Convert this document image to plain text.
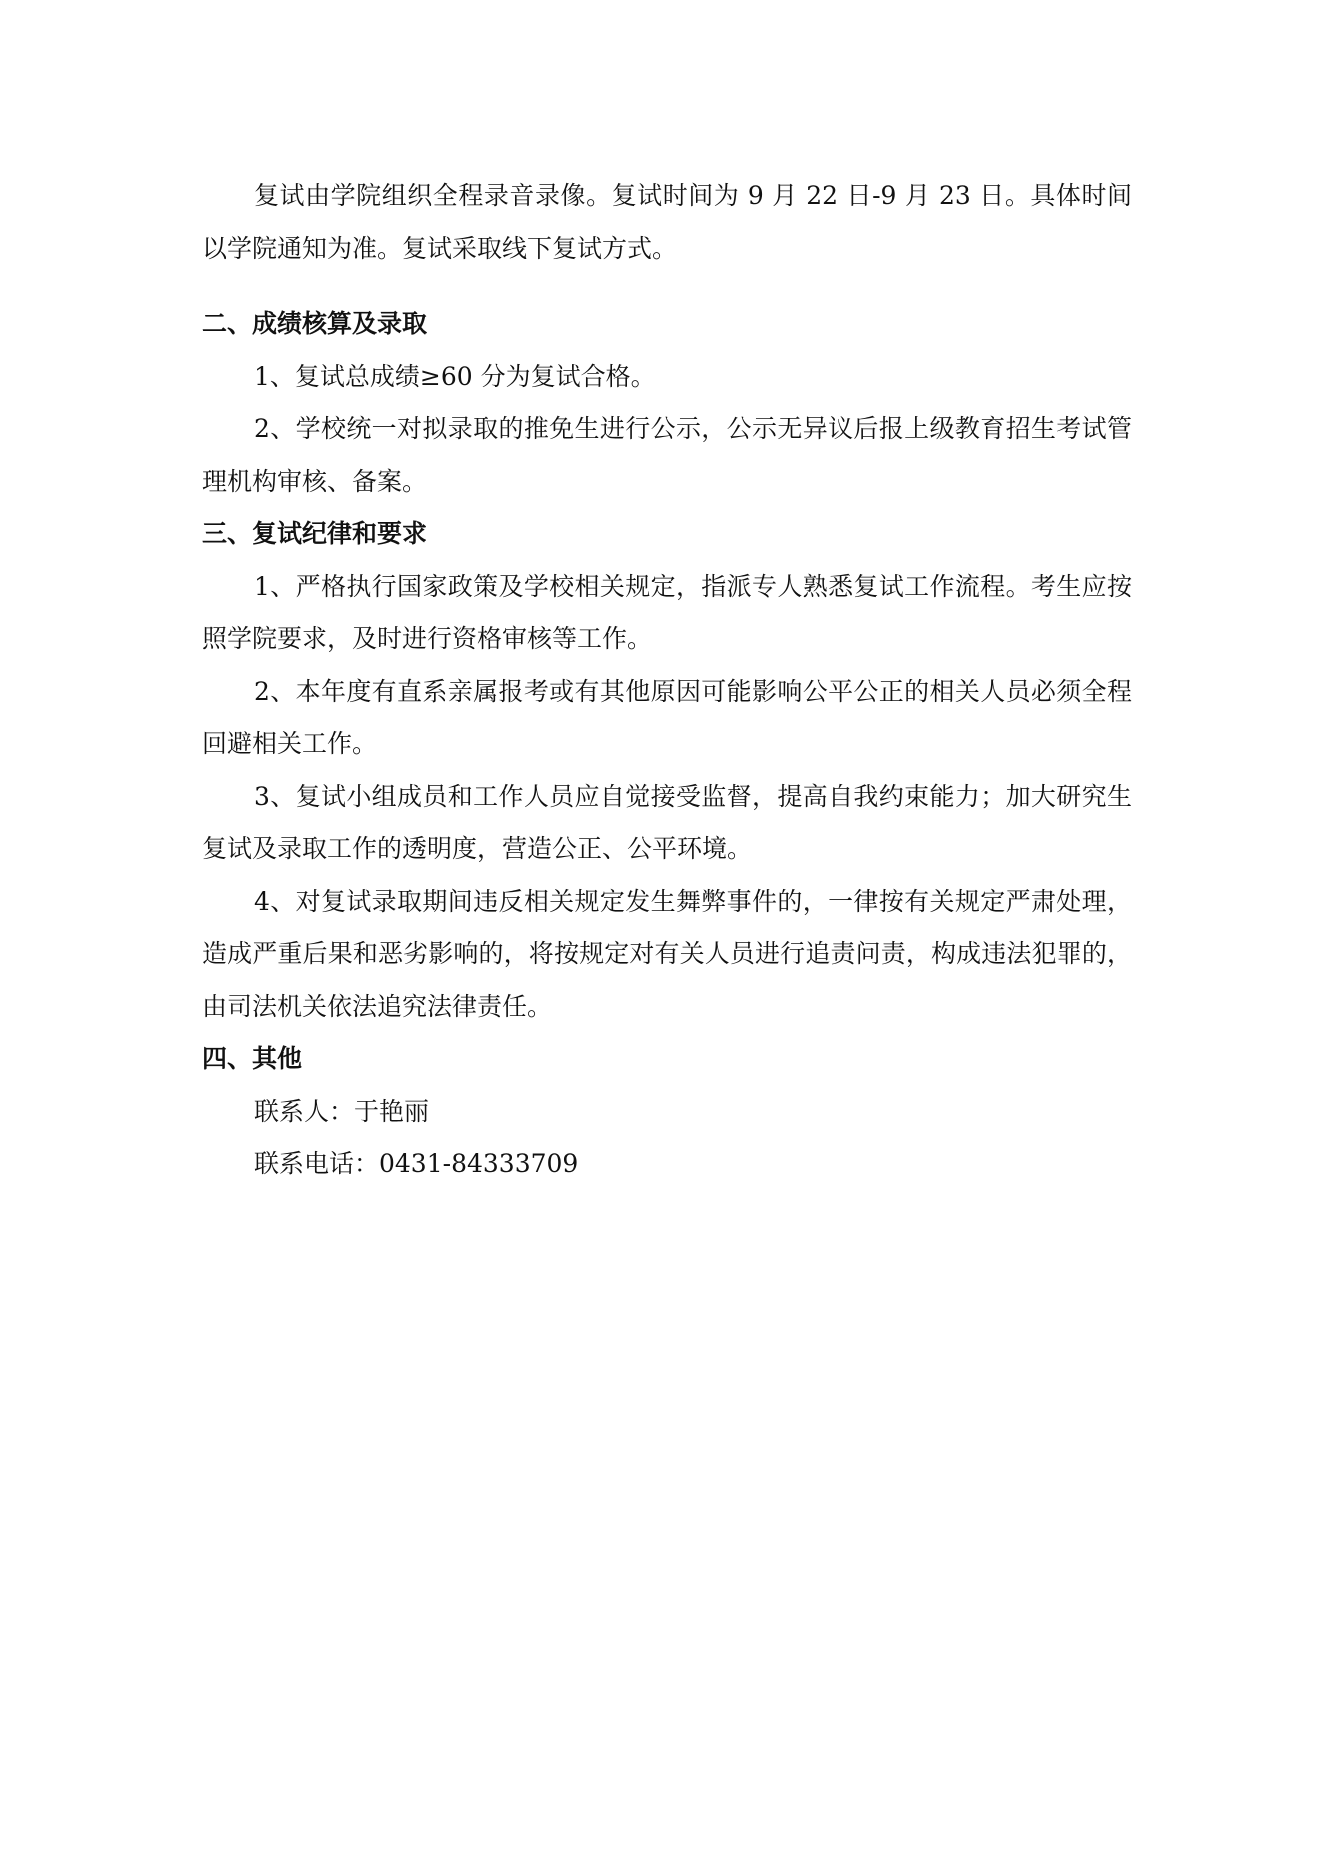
复试由学院组织全程录音录像。复试时间为 9 月 22 日-9 月 23 日。具体时间以学院通知为准。复试采取线下复试方式。

二、成绩核算及录取

1、复试总成绩≥60 分为复试合格。

2、学校统一对拟录取的推免生进行公示，公示无异议后报上级教育招生考试管理机构审核、备案。

三、复试纪律和要求

1、严格执行国家政策及学校相关规定，指派专人熟悉复试工作流程。考生应按照学院要求，及时进行资格审核等工作。

2、本年度有直系亲属报考或有其他原因可能影响公平公正的相关人员必须全程回避相关工作。

3、复试小组成员和工作人员应自觉接受监督，提高自我约束能力；加大研究生复试及录取工作的透明度，营造公正、公平环境。

4、对复试录取期间违反相关规定发生舞弊事件的，一律按有关规定严肃处理，造成严重后果和恶劣影响的，将按规定对有关人员进行追责问责，构成违法犯罪的，由司法机关依法追究法律责任。

四、其他

联系人：于艳丽

联系电话：0431-84333709
